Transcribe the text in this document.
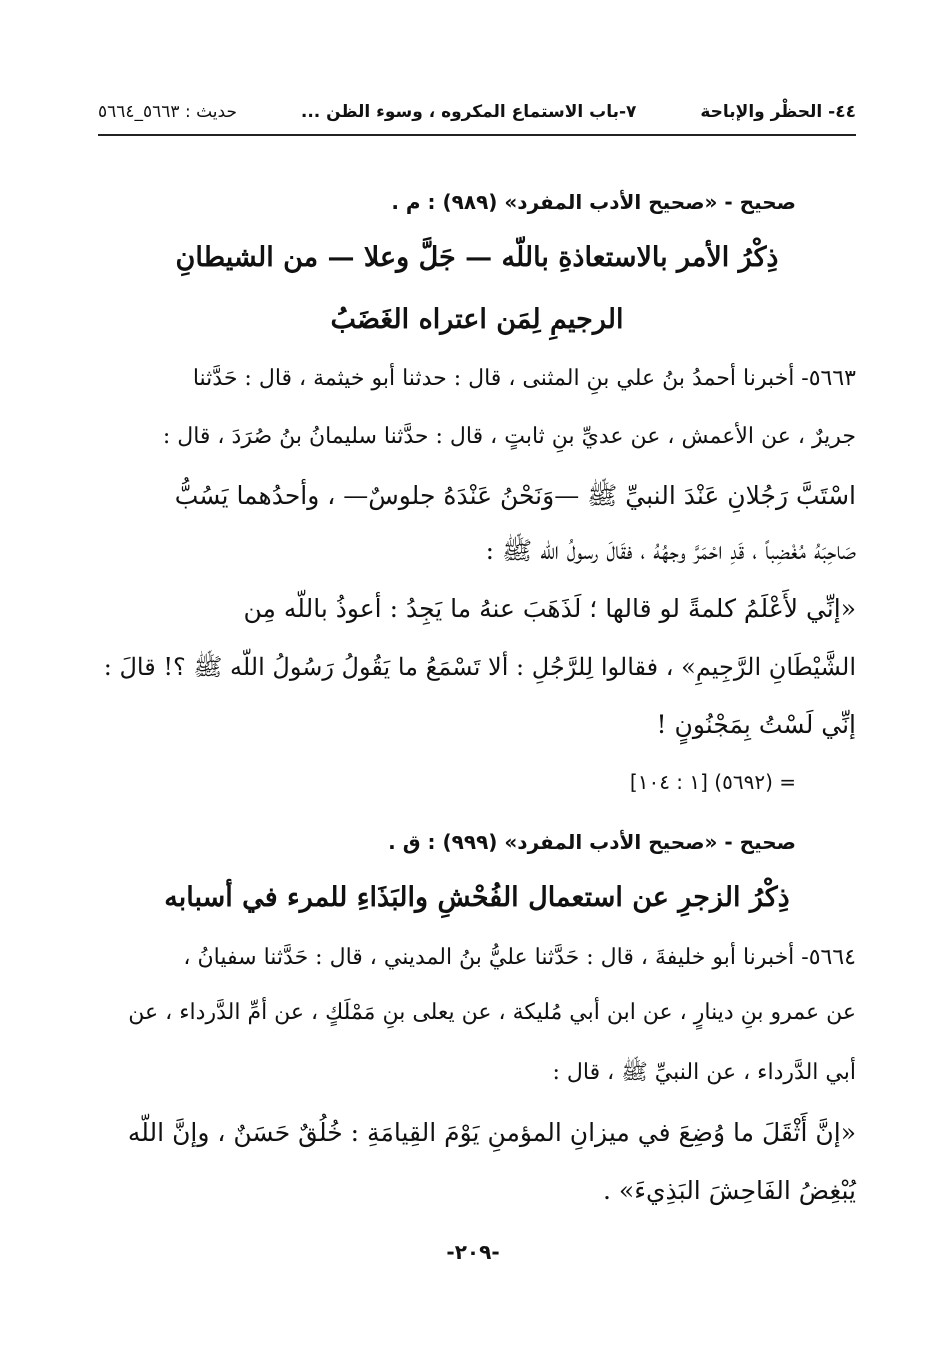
حديث : ٥٦٦٣_٥٦٦٤	٧-باب الاستماع المكروه ، وسوء الظن ...	٤٤- الحظْر والإباحة
صحيح - «صحيح الأدب المفرد» (٩٨٩) : م .
ذِكْرُ الأمر بالاستعاذةِ باللّه — جَلَّ وعلا — من الشيطانِ
الرجيمِ لِمَن اعتراه الغَضَبُ
٥٦٦٣- أخبرنا أحمدُ بنُ علي بنِ المثنى ، قال : حدثنا أبو خيثمة ، قال : حَدَّثنا
جريرٌ ، عن الأعمش ، عن عديِّ بنِ ثابتٍ ، قال : حدَّثنا سليمانُ بنُ صُرَدَ ، قال :
اسْتَبَّ رَجُلانِ عَنْدَ النبيِّ ﷺ —وَنَحْنُ عَنْدَهُ جلوسٌ— ، وأحدُهما يَسُبُّ
صَاحِبَهُ مُغْضِباً ، قَدِ احْمَرَّ وجهُهُ ، فقَالَ رسولُ اللّه ﷺ :
«إنِّي لأَعْلَمُ كلمةً لو قالها ؛ لَذَهَبَ عنهُ ما يَجِدُ : أعوذُ باللّه مِن
الشَّيْطَانِ الرَّجِيمِ» ، فقالوا لِلرَّجُلِ : ألا تَسْمَعُ ما يَقُولُ رَسُولُ اللّه ﷺ ؟! قالَ :
إنِّي لَسْتُ بِمَجْنُونٍ !
= (٥٦٩٢) [١ : ١٠٤]
صحيح - «صحيح الأدب المفرد» (٩٩٩) : ق .
ذِكْرُ الزجرِ عن استعمال الفُحْشِ والبَذَاءِ للمرء في أسبابه
٥٦٦٤- أخبرنا أبو خليفةَ ، قال : حَدَّثنا عليُّ بنُ المديني ، قال : حَدَّثنا سفيانُ ،
عن عمرو بنِ دينارٍ ، عن ابن أبي مُليكة ، عن يعلى بنِ مَمْلَكٍ ، عن أمِّ الدَّرداء ، عن
أبي الدَّرداء ، عن النبيِّ ﷺ ، قال :
«إنَّ أَثْقَلَ ما وُضِعَ في ميزانِ المؤمنِ يَوْمَ القِيامَةِ : خُلُقٌ حَسَنٌ ، وإنَّ اللّه
يُبْغِضُ الفَاحِشَ البَذِيءَ» .
-٢٠٩-
